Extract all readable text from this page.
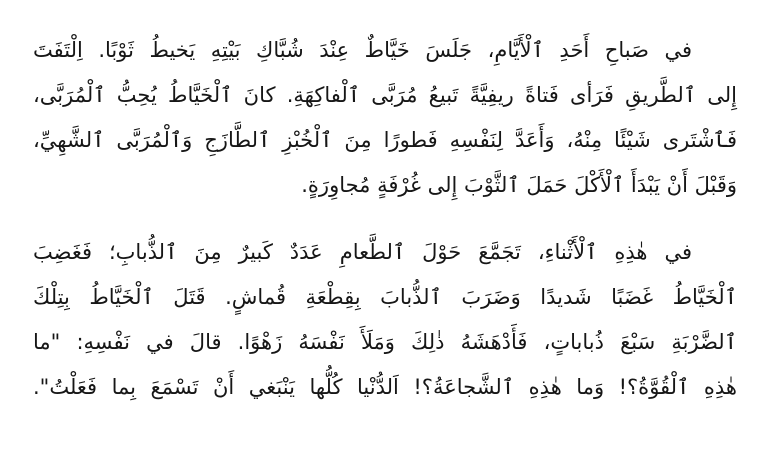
في صَباحِ أَحَدِ ٱلْأَيَّامِ، جَلَسَ خَيَّاطٌ عِنْدَ شُبَّاكِ بَيْتِهِ يَخيطُ ثَوْبًا. اِلْتَفَتَ
إِلى ٱلطَّريقِ فَرَأى فَتاةً ريفِيَّةً تَبيعُ مُرَبَّى ٱلْفاكِهَةِ. كانَ ٱلْخَيَّاطُ يُحِبُّ ٱلْمُرَبَّى،
فَٱشْتَرى شَيْئًا مِنْهُ، وَأَعَدَّ لِنَفْسِهِ فَطورًا مِنَ ٱلْخُبْزِ ٱلطَّازَجِ وَٱلْمُرَبَّى ٱلشَّهِيِّ،
وَقَبْلَ أَنْ يَبْدَأَ ٱلْأَكْلَ حَمَلَ ٱلثَّوْبَ إِلى غُرْفَةٍ مُجاوِرَةٍ.
في هٰذِهِ ٱلْأَثْناءِ، تَجَمَّعَ حَوْلَ ٱلطَّعامِ عَدَدٌ كَبيرٌ مِنَ ٱلذُّبابِ؛ فَغَضِبَ
ٱلْخَيَّاطُ غَضَبًا شَديدًا وَضَرَبَ ٱلذُّبابَ بِقِطْعَةِ قُماشٍ. قَتَلَ ٱلْخَيَّاطُ بِتِلْكَ
ٱلضَّرْبَةِ سَبْعَ ذُباباتٍ، فَأَدْهَشَهُ ذٰلِكَ وَمَلَأَ نَفْسَهُ زَهْوًا. قالَ في نَفْسِهِ: "ما
هٰذِهِ ٱلْقُوَّةُ؟! وَما هٰذِهِ ٱلشَّجاعَةُ؟! اَلدُّنْيا كُلُّها يَنْبَغي أَنْ تَسْمَعَ بِما فَعَلْتُ".
